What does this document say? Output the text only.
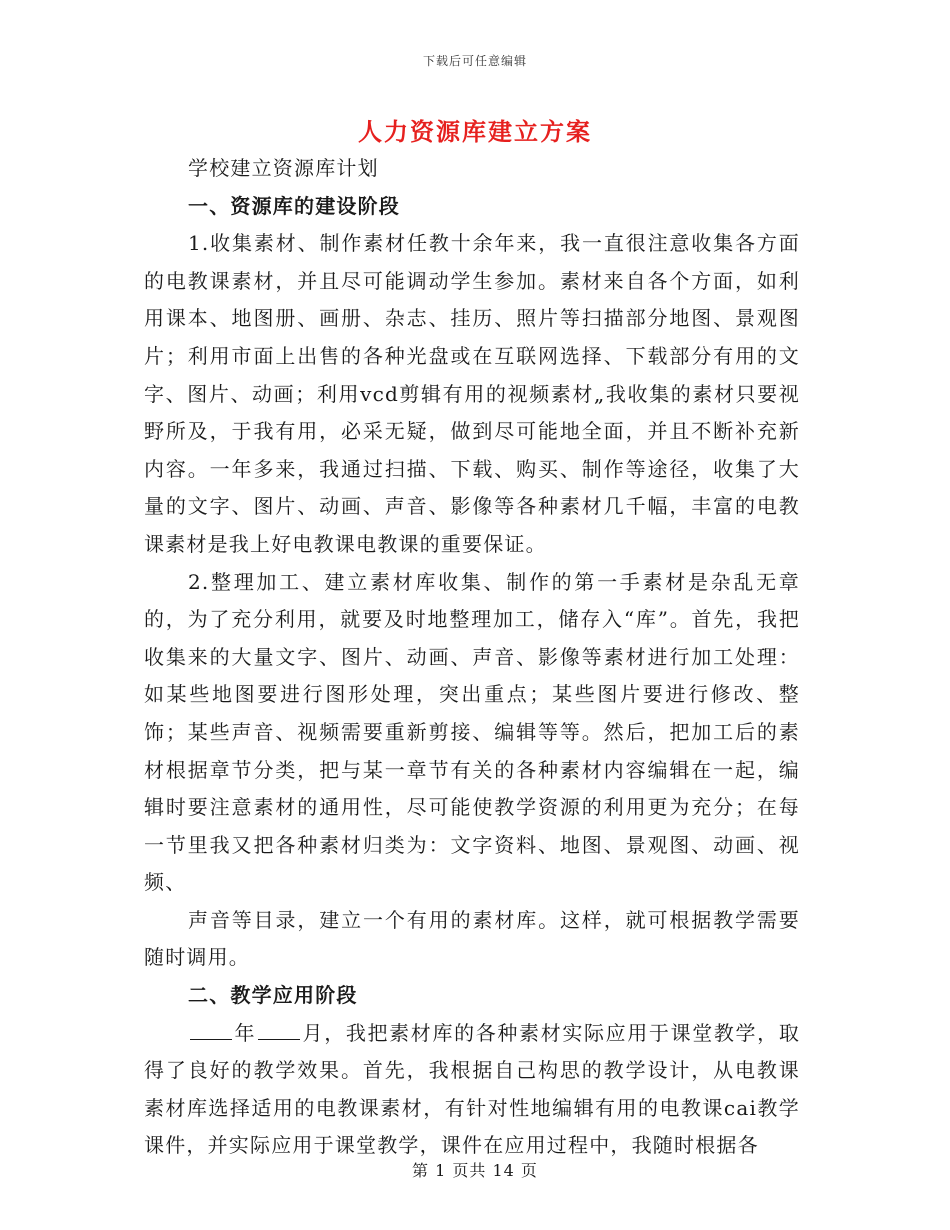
下载后可任意编辑
人力资源库建立方案

学校建立资源库计划

一、资源库的建设阶段

1.收集素材、制作素材任教十余年来，我一直很注意收集各方面的电教课素材，并且尽可能调动学生参加。素材来自各个方面，如利用课本、地图册、画册、杂志、挂历、照片等扫描部分地图、景观图片；利用市面上出售的各种光盘或在互联网选择、下载部分有用的文字、图片、动画；利用vcd剪辑有用的视频素材„我收集的素材只要视野所及，于我有用，必采无疑，做到尽可能地全面，并且不断补充新内容。一年多来，我通过扫描、下载、购买、制作等途径，收集了大量的文字、图片、动画、声音、影像等各种素材几千幅，丰富的电教课素材是我上好电教课电教课的重要保证。

2.整理加工、建立素材库收集、制作的第一手素材是杂乱无章的，为了充分利用，就要及时地整理加工，储存入“库”。首先，我把收集来的大量文字、图片、动画、声音、影像等素材进行加工处理：如某些地图要进行图形处理，突出重点；某些图片要进行修改、整饰；某些声音、视频需要重新剪接、编辑等等。然后，把加工后的素材根据章节分类，把与某一章节有关的各种素材内容编辑在一起，编辑时要注意素材的通用性，尽可能使教学资源的利用更为充分；在每一节里我又把各种素材归类为：文字资料、地图、景观图、动画、视频、

声音等目录，建立一个有用的素材库。这样，就可根据教学需要随时调用。

二、教学应用阶段

年 月，我把素材库的各种素材实际应用于课堂教学，取得了良好的教学效果。首先，我根据自己构思的教学设计，从电教课素材库选择适用的电教课素材，有针对性地编辑有用的电教课cai教学课件，并实际应用于课堂教学，课件在应用过程中，我随时根据各

第 1 页共 14 页
